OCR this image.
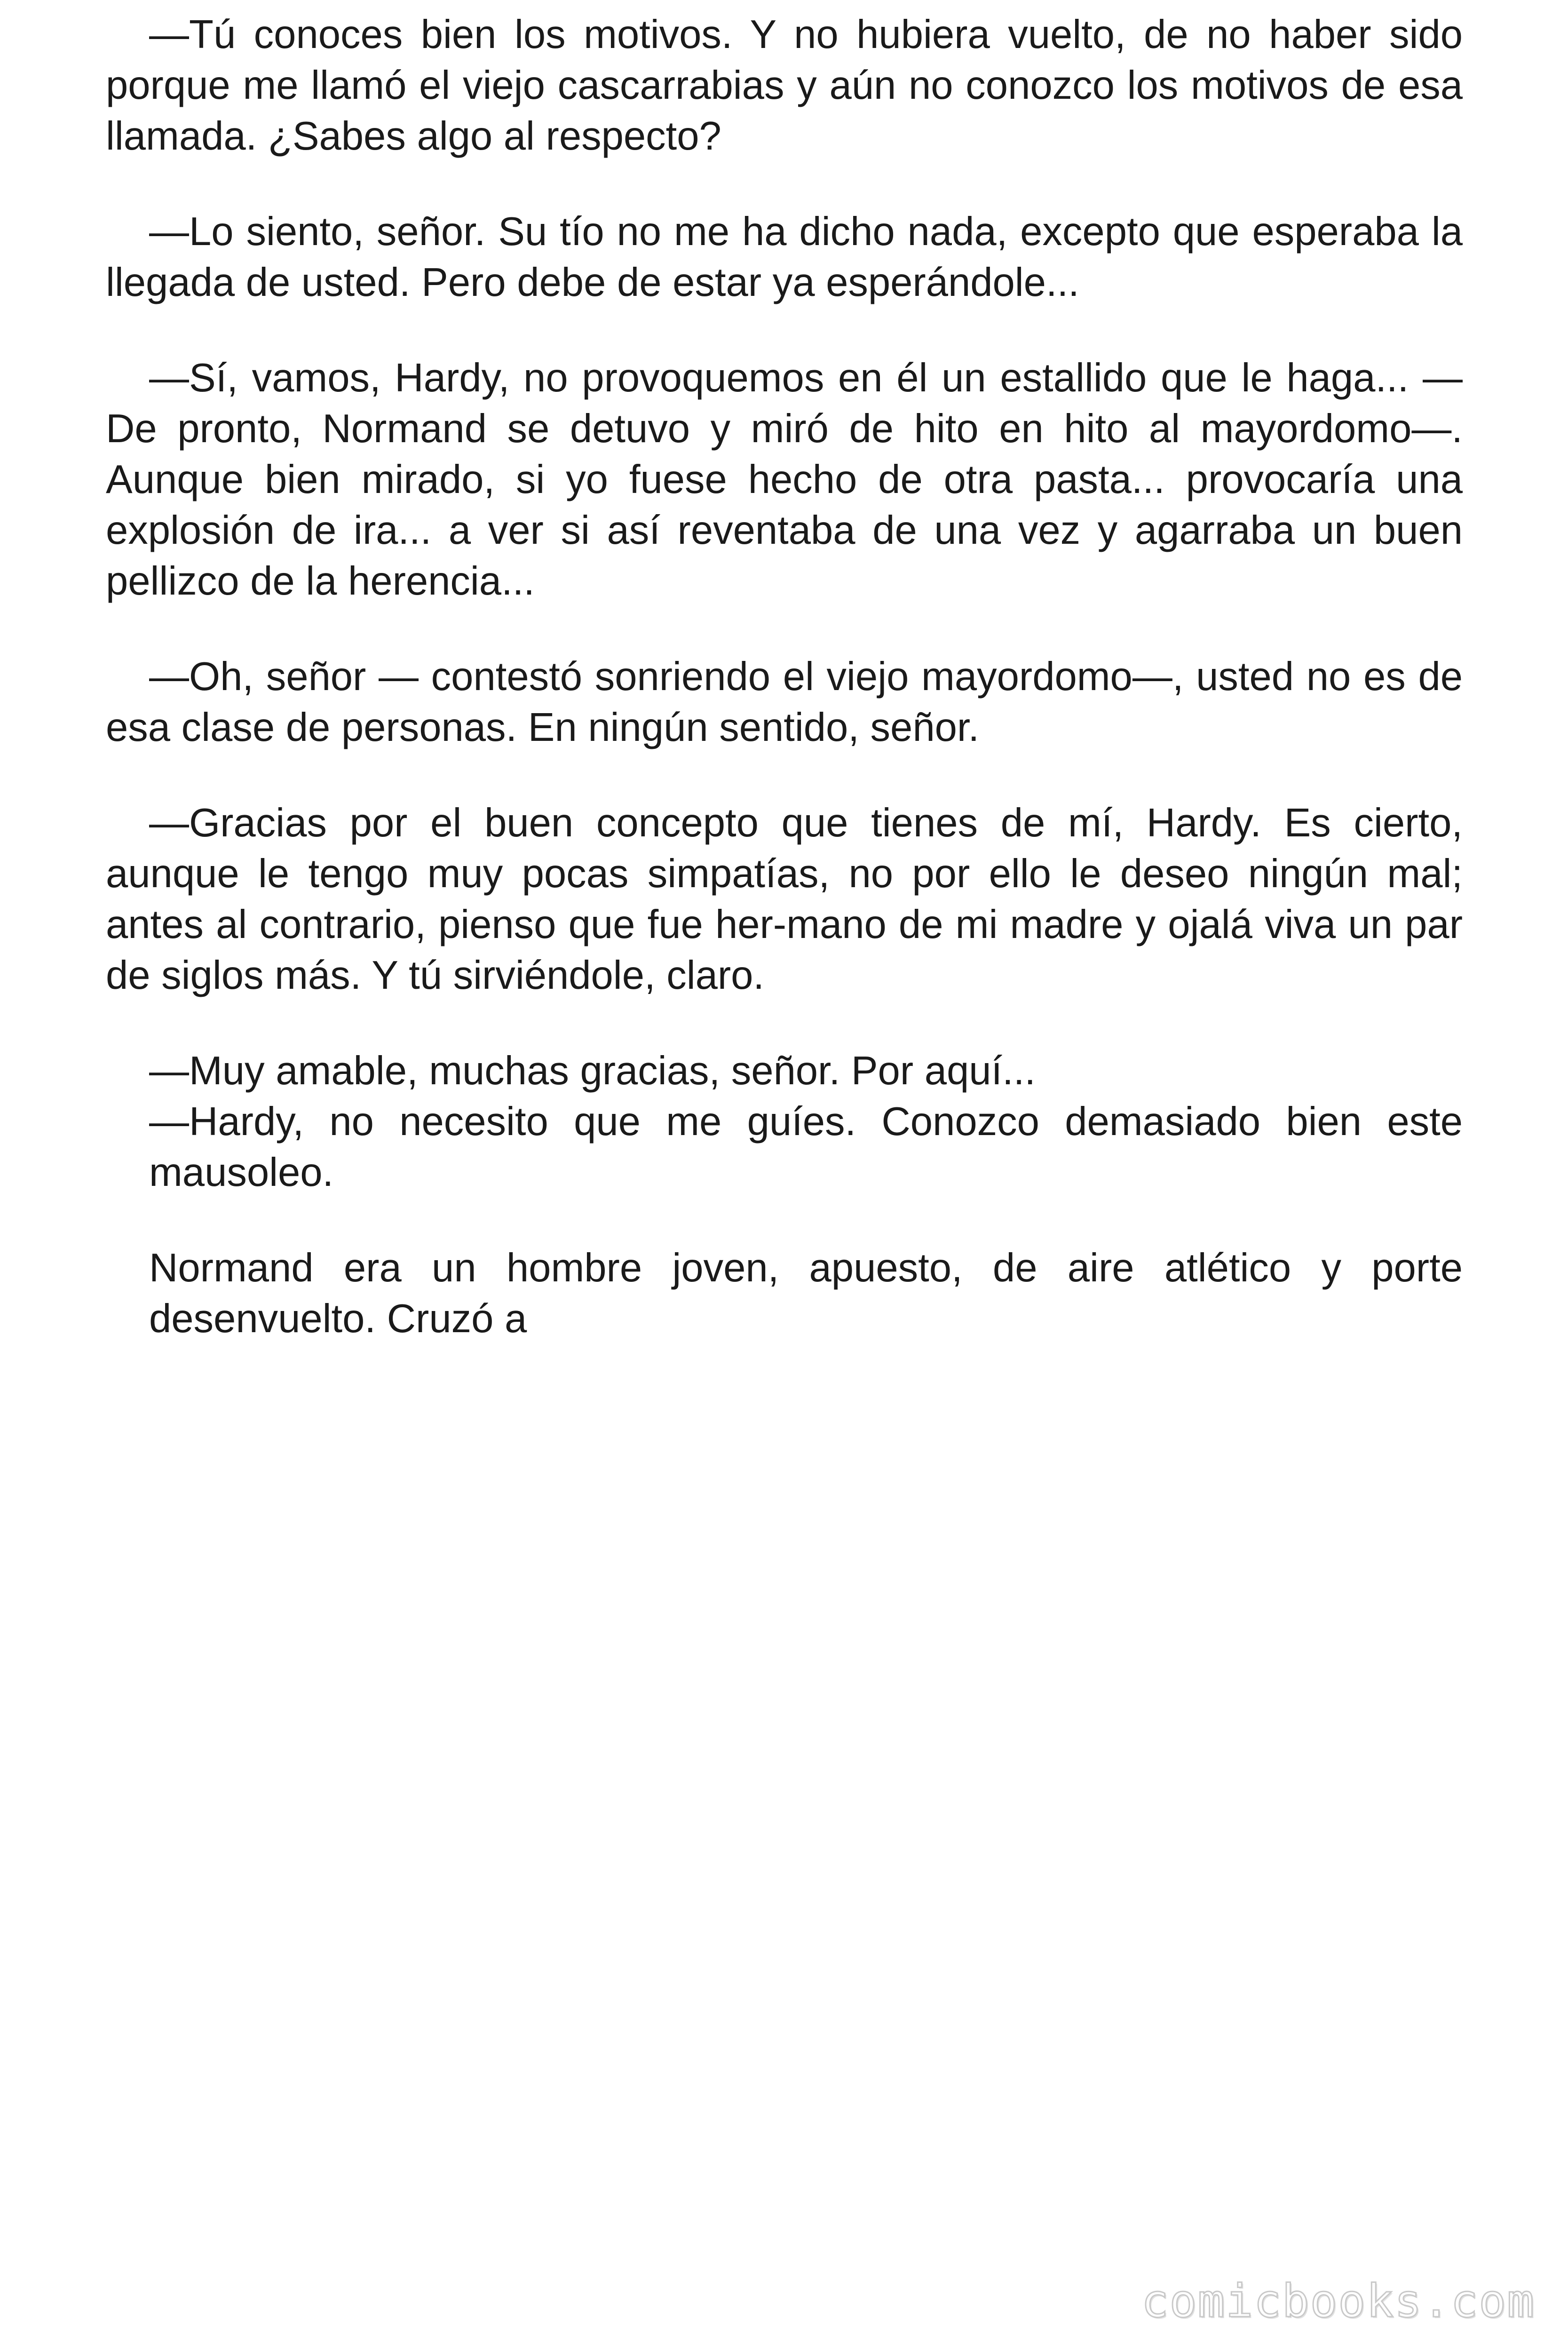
—Tú conoces bien los motivos. Y no hubiera vuelto, de no haber sido porque me llamó el viejo cascarrabias y aún no conozco los motivos de esa llamada. ¿Sabes algo al respecto?

—Lo siento, señor. Su tío no me ha dicho nada, excepto que esperaba la llegada de usted. Pero debe de estar ya esperándole...

—Sí, vamos, Hardy, no provoquemos en él un estallido que le haga... —De pronto, Normand se detuvo y miró de hito en hito al mayordomo—. Aunque bien mirado, si yo fuese hecho de otra pasta... provocaría una explosión de ira... a ver si así reventaba de una vez y agarraba un buen pellizco de la herencia...

—Oh, señor — contestó sonriendo el viejo mayordomo—, usted no es de esa clase de personas. En ningún sentido, señor.

—Gracias por el buen concepto que tienes de mí, Hardy. Es cierto, aunque le tengo muy pocas simpatías, no por ello le deseo ningún mal; antes al contrario, pienso que fue her-mano de mi madre y ojalá viva un par de siglos más. Y tú sirviéndole, claro.

—Muy amable, muchas gracias, señor. Por aquí...

—Hardy, no necesito que me guíes. Conozco demasiado bien este mausoleo.

Normand era un hombre joven, apuesto, de aire atlético y porte desenvuelto. Cruzó a

comicbooks.com
